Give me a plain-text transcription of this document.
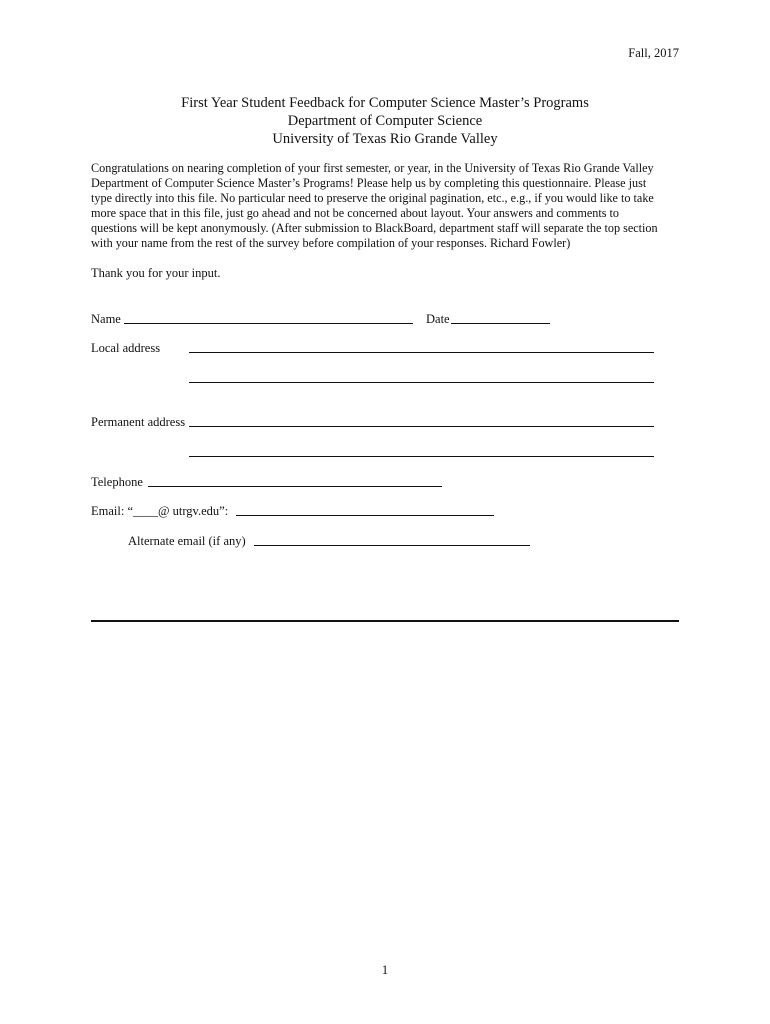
Fall, 2017
First Year Student Feedback for Computer Science Master’s Programs
Department of Computer Science
University of Texas Rio Grande Valley
Congratulations on nearing completion of your first semester, or year, in the University of Texas Rio Grande Valley
Department of Computer Science Master’s Programs! Please help us by completing this questionnaire. Please just
type directly into this file. No particular need to preserve the original pagination, etc., e.g., if you would like to take
more space that in this file, just go ahead and not be concerned about layout. Your answers and comments to
questions will be kept anonymously. (After submission to BlackBoard, department staff will separate the top section
with your name from the rest of the survey before compilation of your responses. Richard Fowler)
Thank you for your input.
Name	Date
Local address
Permanent address
Telephone
Email: “____@ utrgv.edu”:
Alternate email (if any)
1
